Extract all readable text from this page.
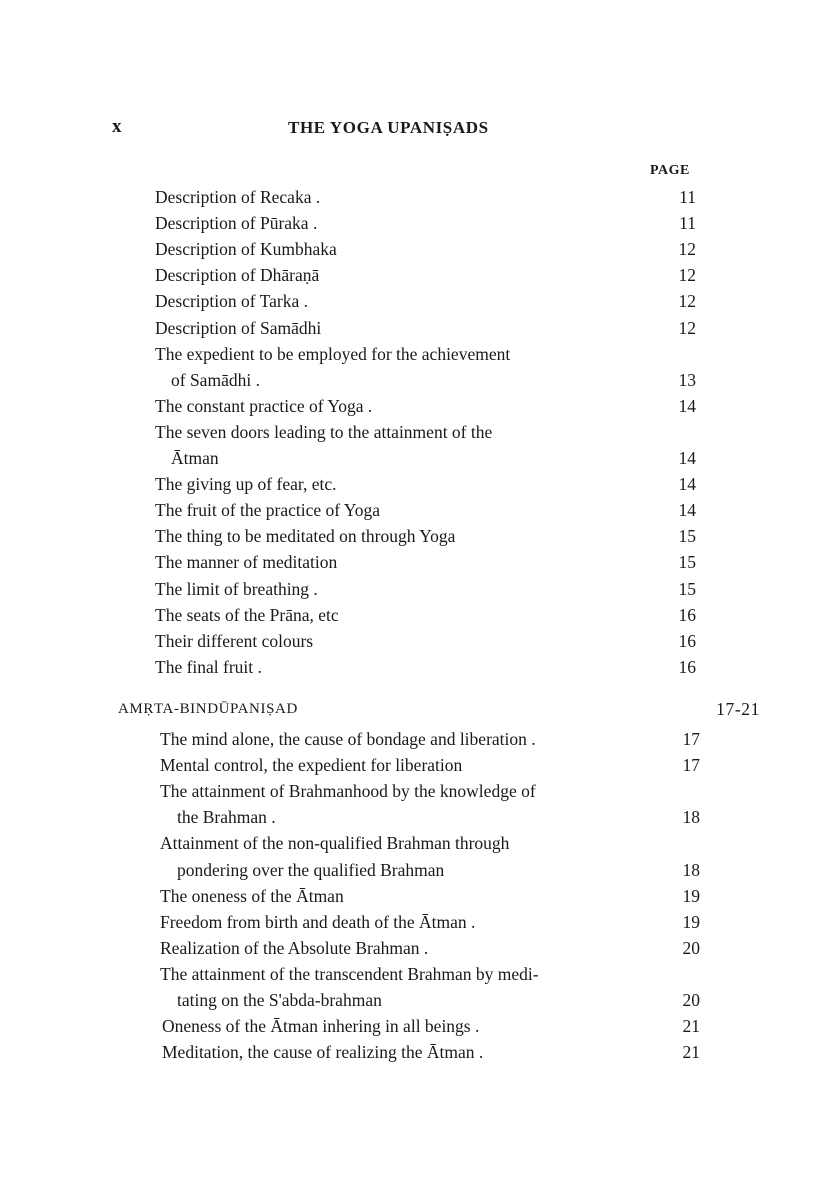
x	THE YOGA UPANIṢADS
PAGE
Description of Recaka .	11
Description of Pūraka .	11
Description of Kumbhaka	12
Description of Dhāraṇā	12
Description of Tarka .	12
Description of Samādhi	12
The expedient to be employed for the achievement
of Samādhi .	13
The constant practice of Yoga .	14
The seven doors leading to the attainment of the
Ātman	14
The giving up of fear, etc.	14
The fruit of the practice of Yoga	14
The thing to be meditated on through Yoga	15
The manner of meditation	15
The limit of breathing .	15
The seats of the Prāna, etc	16
Their different colours	16
The final fruit .	16
AMṚTA-BINDŪPANIṢAD	17-21
The mind alone, the cause of bondage and liberation .	17
Mental control, the expedient for liberation	17
The attainment of Brahmanhood by the knowledge of
the Brahman .	18
Attainment of the non-qualified Brahman through
pondering over the qualified Brahman	18
The oneness of the Ātman	19
Freedom from birth and death of the Ātman .	19
Realization of the Absolute Brahman .	20
The attainment of the transcendent Brahman by medi-
tating on the S'abda-brahman	20
Oneness of the Ātman inhering in all beings .	21
Meditation, the cause of realizing the Ātman .	21
